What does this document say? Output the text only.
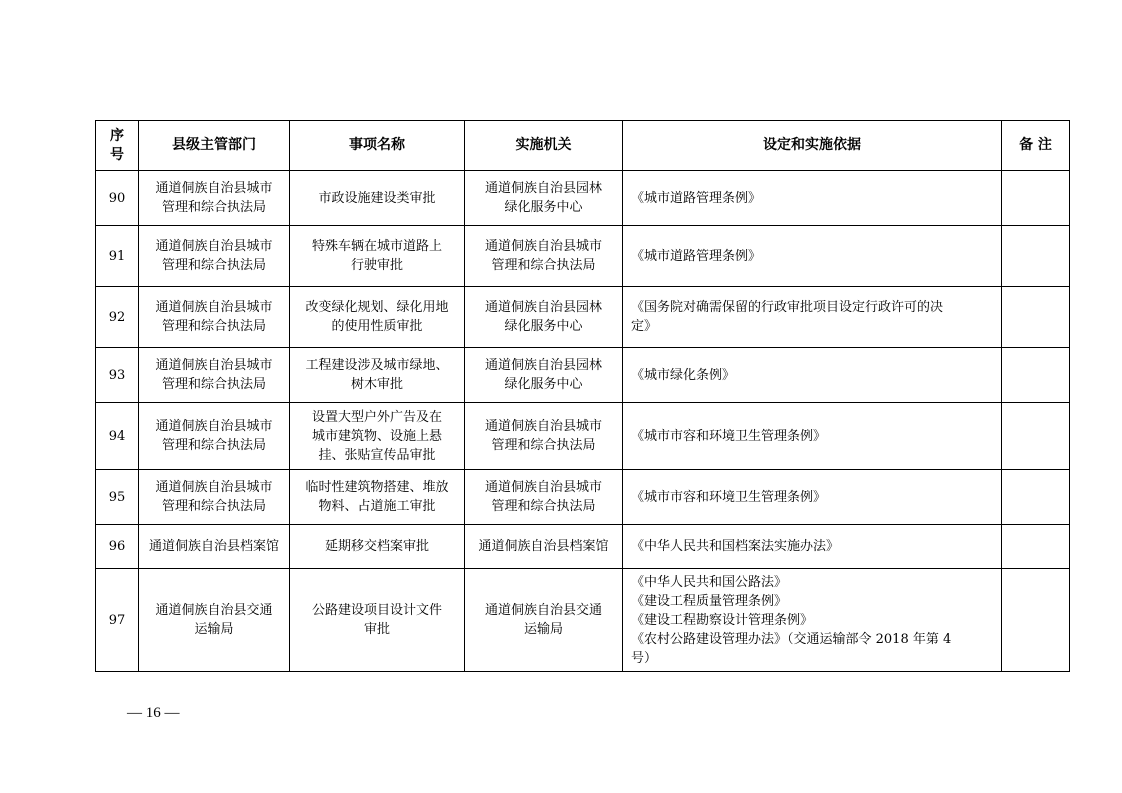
序
号	县级主管部门	事项名称	实施机关	设定和实施依据	备 注
90	通道侗族自治县城市
管理和综合执法局	市政设施建设类审批	通道侗族自治县园林
绿化服务中心	《城市道路管理条例》	

91	通道侗族自治县城市
管理和综合执法局	特殊车辆在城市道路上
行驶审批	通道侗族自治县城市
管理和综合执法局	《城市道路管理条例》	

92	通道侗族自治县城市
管理和综合执法局	改变绿化规划、绿化用地
的使用性质审批	通道侗族自治县园林
绿化服务中心	《国务院对确需保留的行政审批项目设定行政许可的决
定》	

93	通道侗族自治县城市
管理和综合执法局	工程建设涉及城市绿地、
树木审批	通道侗族自治县园林
绿化服务中心	《城市绿化条例》	

94	通道侗族自治县城市
管理和综合执法局	设置大型户外广告及在
城市建筑物、设施上悬
挂、张贴宣传品审批	通道侗族自治县城市
管理和综合执法局	《城市市容和环境卫生管理条例》	

95	通道侗族自治县城市
管理和综合执法局	临时性建筑物搭建、堆放
物料、占道施工审批	通道侗族自治县城市
管理和综合执法局	《城市市容和环境卫生管理条例》	

96	通道侗族自治县档案馆	延期移交档案审批	通道侗族自治县档案馆	《中华人民共和国档案法实施办法》	

97	通道侗族自治县交通
运输局	公路建设项目设计文件
审批	通道侗族自治县交通
运输局	《中华人民共和国公路法》
《建设工程质量管理条例》
《建设工程勘察设计管理条例》
《农村公路建设管理办法》（交通运输部令 2018 年第 4
号）	

— 16 —
